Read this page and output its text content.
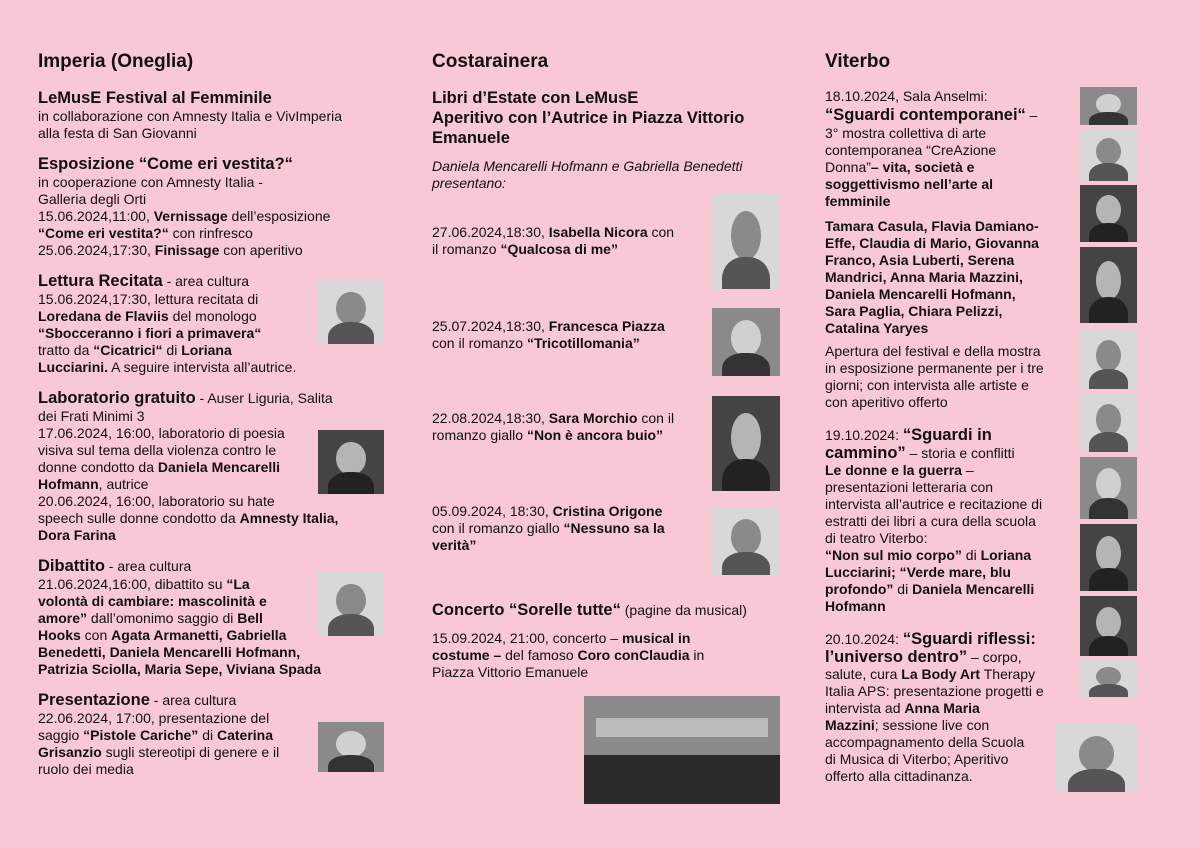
Imperia (Oneglia)
LeMusE Festival al Femminile
in collaborazione con Amnesty Italia e VivImperia
alla festa di San Giovanni
Esposizione “Come eri vestita?“
in cooperazione con Amnesty Italia -
Galleria degli Orti
15.06.2024,11:00, Vernissage dell’esposizione
“Come eri vestita?“ con rinfresco
25.06.2024,17:30, Finissage con aperitivo
Lettura Recitata - area cultura
15.06.2024,17:30, lettura recitata di
Loredana de Flaviis del monologo
“Sbocceranno i fiori a primavera“
tratto da “Cicatrici“ di Loriana
Lucciarini. A seguire intervista all’autrice.
Laboratorio gratuito - Auser Liguria, Salita
dei Frati Minimi 3
17.06.2024, 16:00, laboratorio di poesia
visiva sul tema della violenza contro le
donne condotto da Daniela Mencarelli
Hofmann, autrice
20.06.2024, 16:00, laboratorio su hate
speech sulle donne condotto da Amnesty Italia,
Dora Farina
Dibattito - area cultura
21.06.2024,16:00, dibattito su “La
volontà di cambiare: mascolinità e
amore” dall’omonimo saggio di Bell
Hooks con Agata Armanetti, Gabriella
Benedetti, Daniela Mencarelli Hofmann,
Patrizia Sciolla, Maria Sepe, Viviana Spada
Presentazione - area cultura
22.06.2024, 17:00, presentazione del
saggio “Pistole Cariche” di Caterina
Grisanzio sugli stereotipi di genere e il
ruolo dei media
Costarainera
Libri d’Estate con LeMusE
Aperitivo con l’Autrice in Piazza Vittorio
Emanuele
Daniela Mencarelli Hofmann e Gabriella Benedetti
presentano:
27.06.2024,18:30, Isabella Nicora con
il romanzo “Qualcosa di me”
25.07.2024,18:30, Francesca Piazza
con il romanzo “Tricotillomania”
22.08.2024,18:30, Sara Morchio con il
romanzo giallo “Non è ancora buio”
05.09.2024, 18:30, Cristina Origone
con il romanzo giallo “Nessuno sa la
verità”
Concerto “Sorelle tutte“ (pagine da musical)
15.09.2024, 21:00, concerto – musical in
costume – del famoso Coro conClaudia in
Piazza Vittorio Emanuele
Viterbo
18.10.2024, Sala Anselmi:
“Sguardi contemporanei“ –
3° mostra collettiva di arte
contemporanea “CreAzione
Donna”– vita, società e
soggettivismo nell’arte al
femminile
Tamara Casula, Flavia Damiano-
Effe, Claudia di Mario, Giovanna
Franco, Asia Luberti, Serena
Mandrici, Anna Maria Mazzini,
Daniela Mencarelli Hofmann,
Sara Paglia, Chiara Pelizzi,
Catalina Yaryes
Apertura del festival e della mostra
in esposizione permanente per i tre
giorni; con intervista alle artiste e
con aperitivo offerto
19.10.2024: “Sguardi in
cammino” – storia e conflitti
Le donne e la guerra –
presentazioni letteraria con
intervista all’autrice e recitazione di
estratti dei libri a cura della scuola
di teatro Viterbo:
“Non sul mio corpo” di Loriana
Lucciarini; “Verde mare, blu
profondo” di Daniela Mencarelli
Hofmann
20.10.2024: “Sguardi riflessi:
l’universo dentro” – corpo,
salute, cura La Body Art Therapy
Italia APS: presentazione progetti e
intervista ad Anna Maria
Mazzini; sessione live con
accompagnamento della Scuola
di Musica di Viterbo; Aperitivo
offerto alla cittadinanza.
